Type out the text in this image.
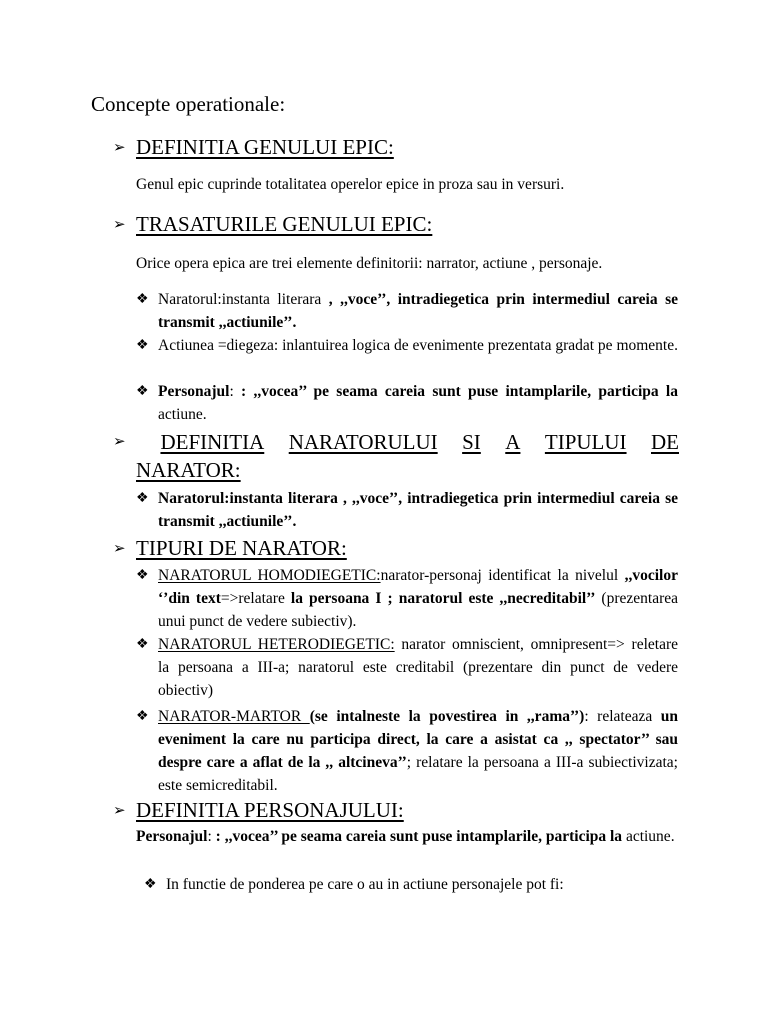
Concepte operationale:

➢ DEFINITIA GENULUI EPIC:

Genul epic cuprinde totalitatea operelor epice in proza sau in versuri.

➢ TRASATURILE GENULUI EPIC:

Orice opera epica are trei elemente definitorii: narrator, actiune , personaje.

❖ Naratorul:instanta literara , ,,voce’’, intradiegetica prin intermediul careia se transmit ,,actiunile’’.
❖ Actiunea =diegeza: inlantuirea logica de evenimente prezentata gradat pe momente.
❖ Personajul: : ,,vocea’’ pe seama careia sunt puse intamplarile, participa la actiune.
➢	DEFINITIA NARATORULUI SI A TIPULUI DE
NARATOR:
❖ Naratorul:instanta literara , ,,voce’’, intradiegetica prin intermediul careia se transmit ,,actiunile’’.
➢ TIPURI DE NARATOR:
❖ NARATORUL HOMODIEGETIC:narator-personaj identificat la nivelul ,,vocilor ‘’din text=>relatare la persoana I ; naratorul este ,,necreditabil’’ (prezentarea unui punct de vedere subiectiv).
❖ NARATORUL HETERODIEGETIC: narator omniscient, omnipresent=> reletare la persoana a III-a; naratorul este creditabil (prezentare din punct de vedere obiectiv)
❖ NARATOR-MARTOR (se intalneste la povestirea in ,,rama’’): relateaza un eveniment la care nu participa direct, la care a asistat ca ,, spectator’’ sau despre care a aflat de la ,, altcineva’’; relatare la persoana a III-a subiectivizata; este semicreditabil.
➢ DEFINITIA PERSONAJULUI:

Personajul: : ,,vocea’’ pe seama careia sunt puse intamplarile, participa la actiune.

❖ In functie de ponderea pe care o au in actiune personajele pot fi:
